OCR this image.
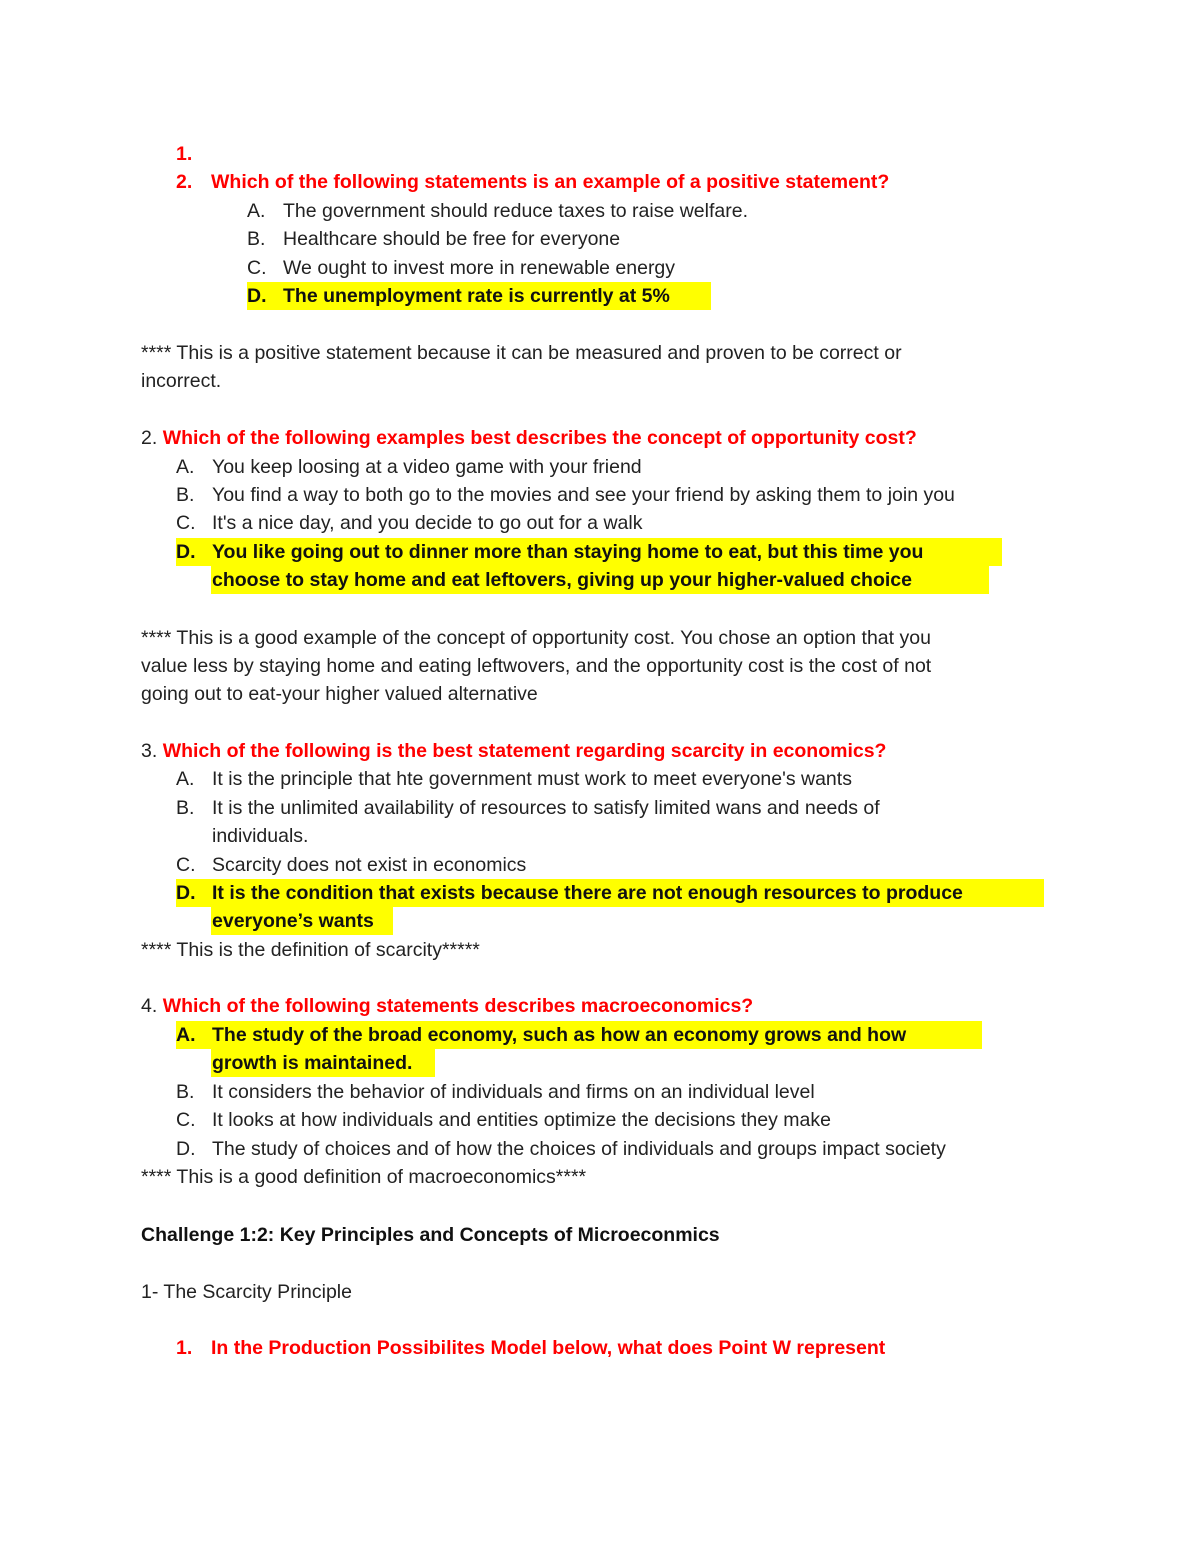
1.
2. Which of the following statements is an example of a positive statement?
A. The government should reduce taxes to raise welfare.
B. Healthcare should be free for everyone
C. We ought to invest more in renewable energy
D. The unemployment rate is currently at 5%
**** This is a positive statement because it can be measured and proven to be correct or
incorrect.
2. Which of the following examples best describes the concept of opportunity cost?
A. You keep loosing at a video game with your friend
B. You find a way to both go to the movies and see your friend by asking them to join you
C. It's a nice day, and you decide to go out for a walk
D. You like going out to dinner more than staying home to eat, but this time you
choose to stay home and eat leftovers, giving up your higher-valued choice
**** This is a good example of the concept of opportunity cost. You chose an option that you
value less by staying home and eating leftwovers, and the opportunity cost is the cost of not
going out to eat-your higher valued alternative
3. Which of the following is the best statement regarding scarcity in economics?
A. It is the principle that hte government must work to meet everyone's wants
B. It is the unlimited availability of resources to satisfy limited wans and needs of
individuals.
C. Scarcity does not exist in economics
D. It is the condition that exists because there are not enough resources to produce
everyone’s wants
**** This is the definition of scarcity*****
4. Which of the following statements describes macroeconomics?
A. The study of the broad economy, such as how an economy grows and how
growth is maintained.
B. It considers the behavior of individuals and firms on an individual level
C. It looks at how individuals and entities optimize the decisions they make
D. The study of choices and of how the choices of individuals and groups impact society
**** This is a good definition of macroeconomics****
Challenge 1:2: Key Principles and Concepts of Microeconmics
1- The Scarcity Principle
1. In the Production Possibilites Model below, what does Point W represent
